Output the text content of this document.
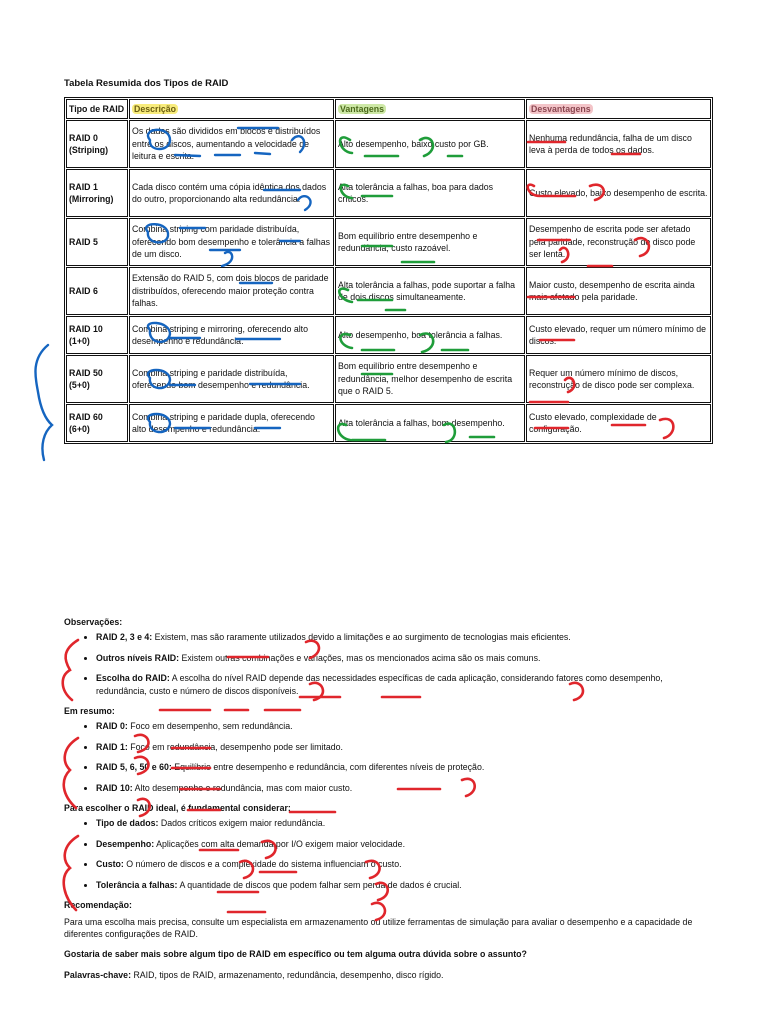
Tabela Resumida dos Tipos de RAID
Tipo de RAID	Descrição	Vantagens	Desvantagens
RAID 0
(Striping)	Os dados são divididos em blocos e distribuídos entre os discos, aumentando a velocidade de leitura e escrita.	Alto desempenho, baixo custo por GB.	Nenhuma redundância, falha de um disco leva à perda de todos os dados.
RAID 1
(Mirroring)	Cada disco contém uma cópia idêntica dos dados do outro, proporcionando alta redundância.	Alta tolerância a falhas, boa para dados críticos.	Custo elevado, baixo desempenho de escrita.
RAID 5	Combina striping com paridade distribuída, oferecendo bom desempenho e tolerância a falhas de um disco.	Bom equilíbrio entre desempenho e redundância, custo razoável.	Desempenho de escrita pode ser afetado pela paridade, reconstrução de disco pode ser lenta.
RAID 6	Extensão do RAID 5, com dois blocos de paridade distribuídos, oferecendo maior proteção contra falhas.	Alta tolerância a falhas, pode suportar a falha de dois discos simultaneamente.	Maior custo, desempenho de escrita ainda mais afetado pela paridade.
RAID 10
(1+0)	Combina striping e mirroring, oferecendo alto desempenho e redundância.	Alto desempenho, boa tolerância a falhas.	Custo elevado, requer um número mínimo de discos.
RAID 50
(5+0)	Combina striping e paridade distribuída, oferecendo bom desempenho e redundância.	Bom equilíbrio entre desempenho e redundância, melhor desempenho de escrita que o RAID 5.	Requer um número mínimo de discos, reconstrução de disco pode ser complexa.
RAID 60
(6+0)	Combina striping e paridade dupla, oferecendo alto desempenho e redundância.	Alta tolerância a falhas, bom desempenho.	Custo elevado, complexidade de configuração.
Observações:
• RAID 2, 3 e 4: Existem, mas são raramente utilizados devido a limitações e ao surgimento de tecnologias mais eficientes.
• Outros níveis RAID: Existem outras combinações e variações, mas os mencionados acima são os mais comuns.
• Escolha do RAID: A escolha do nível RAID depende das necessidades específicas de cada aplicação, considerando fatores como desempenho, redundância, custo e número de discos disponíveis.
Em resumo:
• RAID 0: Foco em desempenho, sem redundância.
• RAID 1: Foco em redundância, desempenho pode ser limitado.
• RAID 5, 6, 50 e 60: Equilíbrio entre desempenho e redundância, com diferentes níveis de proteção.
• RAID 10: Alto desempenho e redundância, mas com maior custo.
Para escolher o RAID ideal, é fundamental considerar:
• Tipo de dados: Dados críticos exigem maior redundância.
• Desempenho: Aplicações com alta demanda por I/O exigem maior velocidade.
• Custo: O número de discos e a complexidade do sistema influenciam o custo.
• Tolerância a falhas: A quantidade de discos que podem falhar sem perda de dados é crucial.
Recomendação:

Para uma escolha mais precisa, consulte um especialista em armazenamento ou utilize ferramentas de simulação para avaliar o desempenho e a capacidade de diferentes configurações de RAID.

Gostaria de saber mais sobre algum tipo de RAID em específico ou tem alguma outra dúvida sobre o assunto?

Palavras-chave: RAID, tipos de RAID, armazenamento, redundância, desempenho, disco rígido.
